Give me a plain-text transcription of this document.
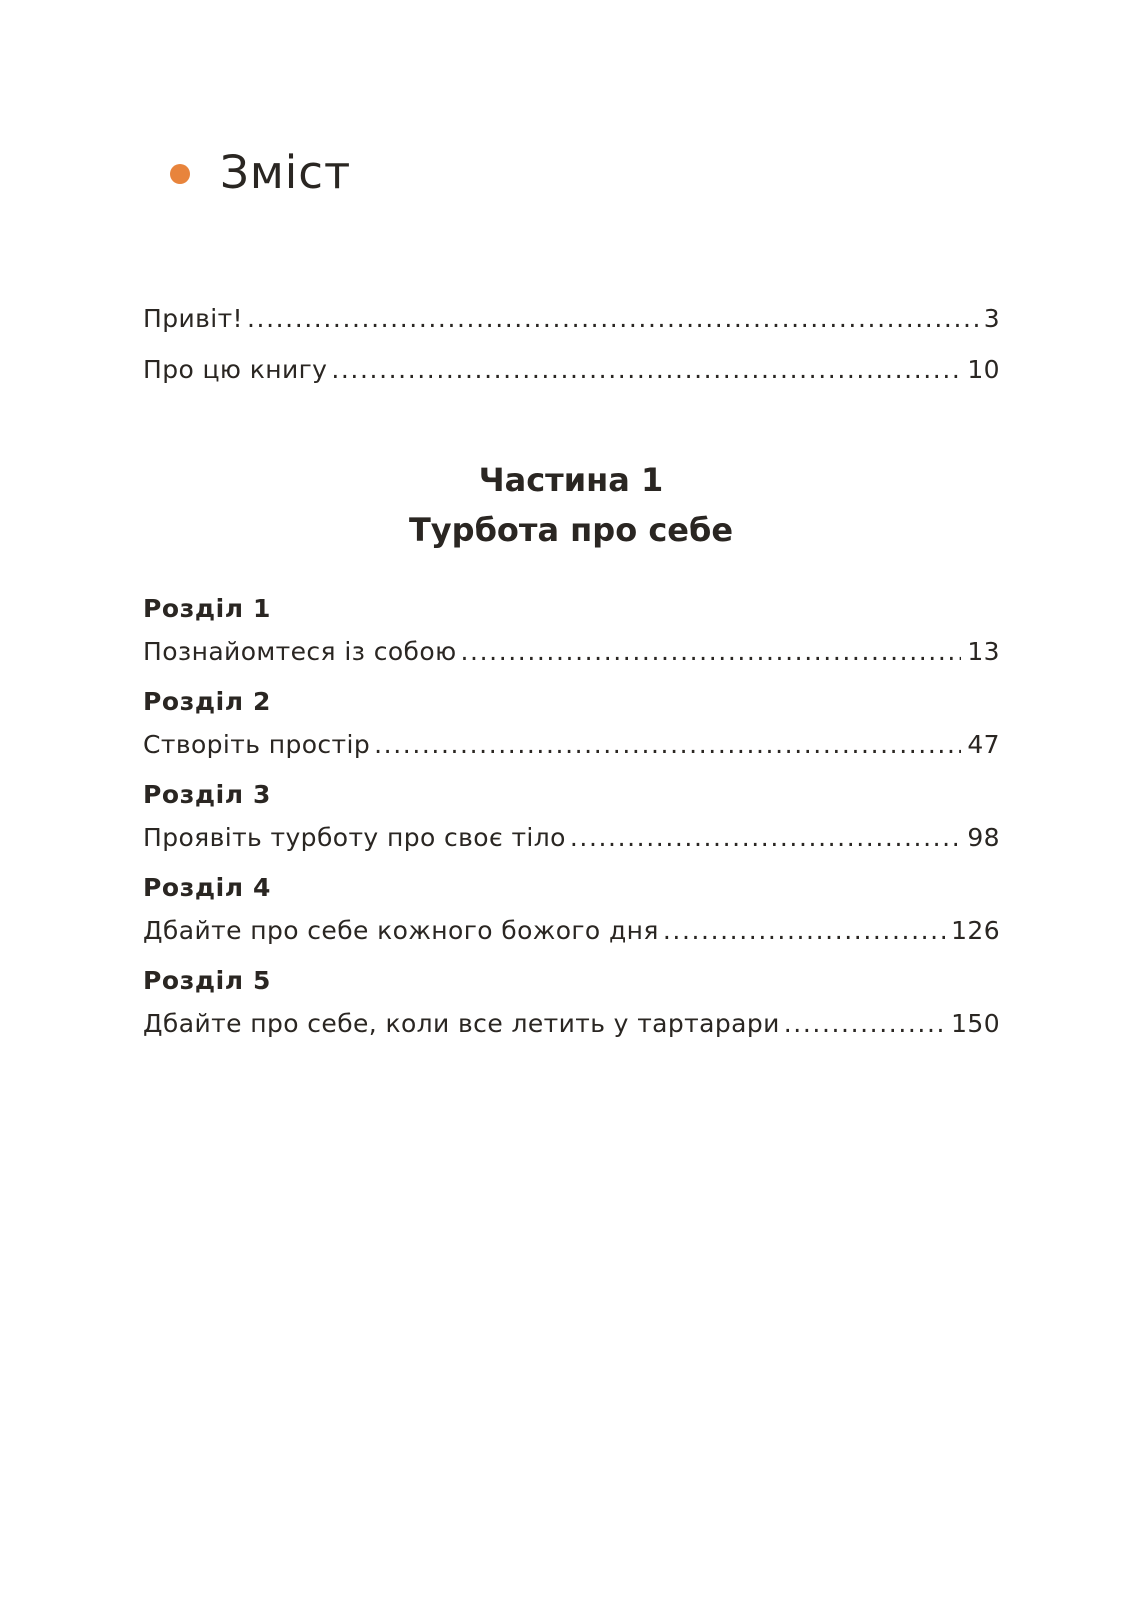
Зміст
Привіт! .....	3
Про цю книгу .....	10
Частина 1
Турбота про себе
Розділ 1
Познайомтеся із собою .....	13
Розділ 2
Створіть простір .....	47
Розділ 3
Проявіть турботу про своє тіло .....	98
Розділ 4
Дбайте про себе кожного божого дня .....	126
Розділ 5
Дбайте про себе, коли все летить у тартарари .....	150
